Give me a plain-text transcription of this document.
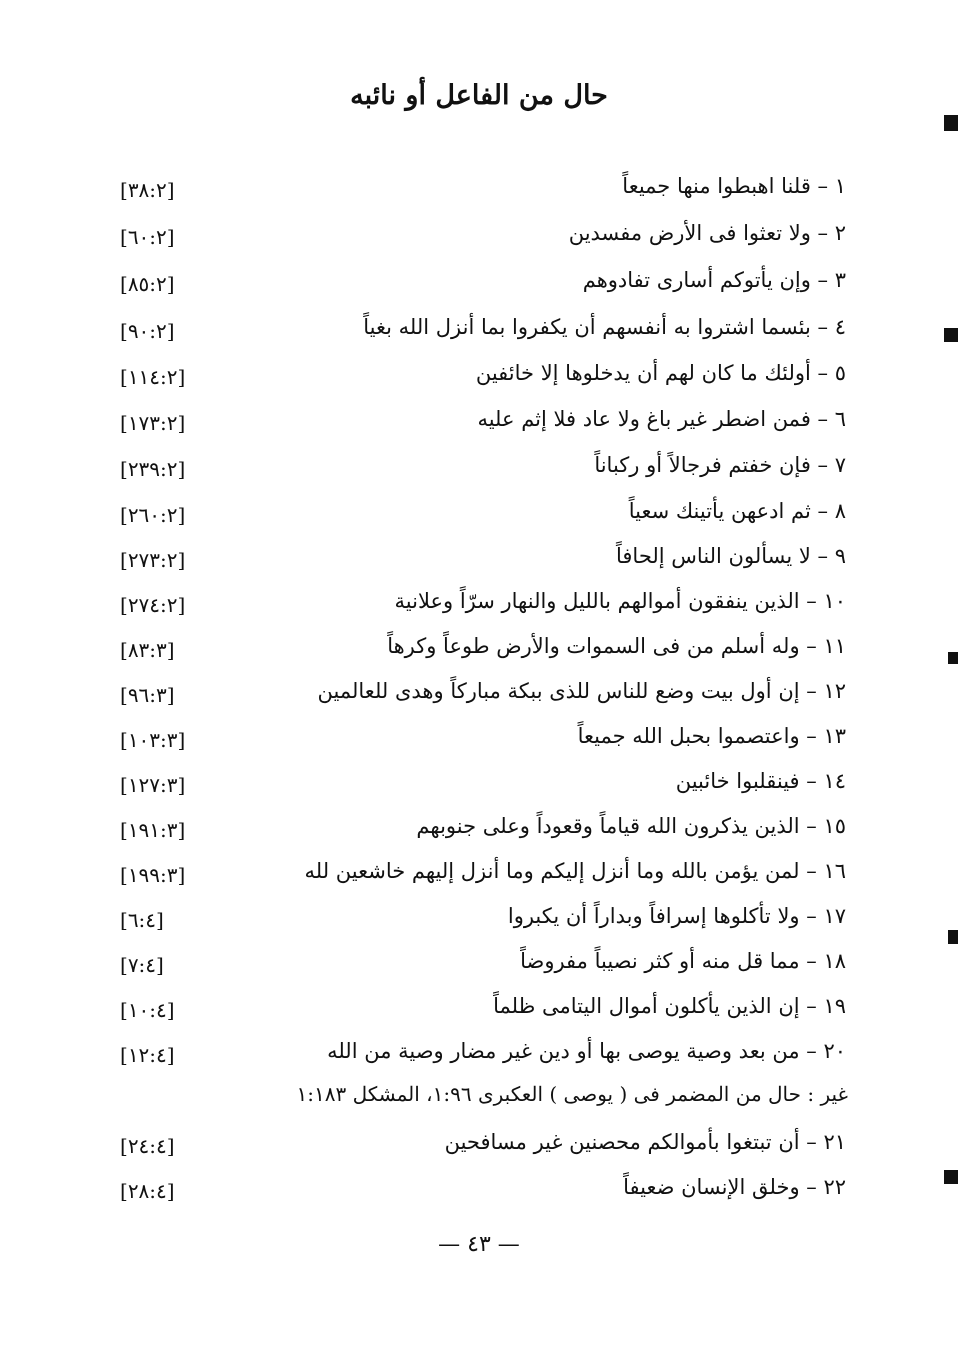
حال من الفاعل أو نائبه
[٣٨:٢]	١ – قلنا اهبطوا منها جميعاً
[٦٠:٢]	٢ – ولا تعثوا فى الأرض مفسدين
[٨٥:٢]	٣ – وإن يأتوكم أسارى تفادوهم
[٩٠:٢]	٤ – بئسما اشتروا به أنفسهم أن يكفروا بما أنزل الله بغياً
[١١٤:٢]	٥ – أولئك ما كان لهم أن يدخلوها إلا خائفين
[١٧٣:٢]	٦ – فمن اضطر غير باغ ولا عاد فلا إثم عليه
[٢٣٩:٢]	٧ – فإن خفتم فرجالاً أو ركباناً
[٢٦٠:٢]	٨ – ثم ادعهن يأتينك سعياً
[٢٧٣:٢]	٩ – لا يسألون الناس إلحافاً
[٢٧٤:٢]	١٠ – الذين ينفقون أموالهم بالليل والنهار سرّاً وعلانية
[٨٣:٣]	١١ – وله أسلم من فى السموات والأرض طوعاً وكرهاً
[٩٦:٣]	١٢ – إن أول بيت وضع للناس للذى ببكة مباركاً وهدى للعالمين
[١٠٣:٣]	١٣ – واعتصموا بحبل الله جميعاً
[١٢٧:٣]	١٤ – فينقلبوا خائبين
[١٩١:٣]	١٥ – الذين يذكرون الله قياماً وقعوداً وعلى جنوبهم
[١٩٩:٣]	١٦ – لمن يؤمن بالله وما أنزل إليكم وما أنزل إليهم خاشعين لله
[٦:٤]	١٧ – ولا تأكلوها إسرافاً وبداراً أن يكبروا
[٧:٤]	١٨ – مما قل منه أو كثر نصيباً مفروضاً
[١٠:٤]	١٩ – إن الذين يأكلون أموال اليتامى ظلماً
[١٢:٤]	٢٠ – من بعد وصية يوصى بها أو دين غير مضار وصية من الله
[٢٤:٤]	٢١ – أن تبتغوا بأموالكم محصنين غير مسافحين
[٢٨:٤]	٢٢ – وخلق الإنسان ضعيفاً
غير : حال من المضمر فى ( يوصى ) العكبرى ١:٩٦، المشكل ١:١٨٣
— ٤٣ —
